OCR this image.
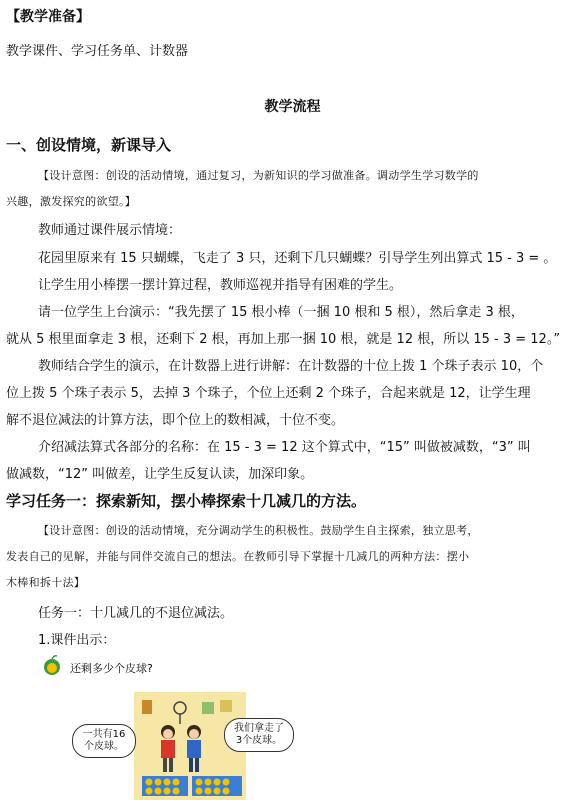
【教学准备】
教学课件、学习任务单、计数器
教学流程
一、创设情境，新课导入
【设计意图：创设的活动情境，通过复习，为新知识的学习做准备。调动学生学习数学的
兴趣，激发探究的欲望。】
教师通过课件展示情境：
花园里原来有 15 只蝴蝶，飞走了 3 只，还剩下几只蝴蝶？引导学生列出算式 15 - 3 = 。
让学生用小棒摆一摆计算过程，教师巡视并指导有困难的学生。
请一位学生上台演示：“我先摆了 15 根小棒（一捆 10 根和 5 根），然后拿走 3 根，
就从 5 根里面拿走 3 根，还剩下 2 根，再加上那一捆 10 根，就是 12 根，所以 15 - 3 = 12。”
教师结合学生的演示，在计数器上进行讲解：在计数器的十位上拨 1 个珠子表示 10，个
位上拨 5 个珠子表示 5，去掉 3 个珠子，个位上还剩 2 个珠子，合起来就是 12，让学生理
解不退位减法的计算方法，即个位上的数相减，十位不变。
介绍减法算式各部分的名称：在 15 - 3 = 12 这个算式中，“15” 叫做被减数，“3” 叫
做减数，“12” 叫做差，让学生反复认读，加深印象。
学习任务一：探索新知，摆小棒探索十几减几的方法。
【设计意图：创设的活动情境，充分调动学生的积极性。鼓励学生自主探索，独立思考，
发表自己的见解，并能与同伴交流自己的想法。在教师引导下掌握十几减几的两种方法：摆小
木棒和拆十法】
任务一：十几减几的不退位减法。
1.课件出示：
还剩多少个皮球?
一共有16
个皮球。
我们拿走了
3个皮球。
